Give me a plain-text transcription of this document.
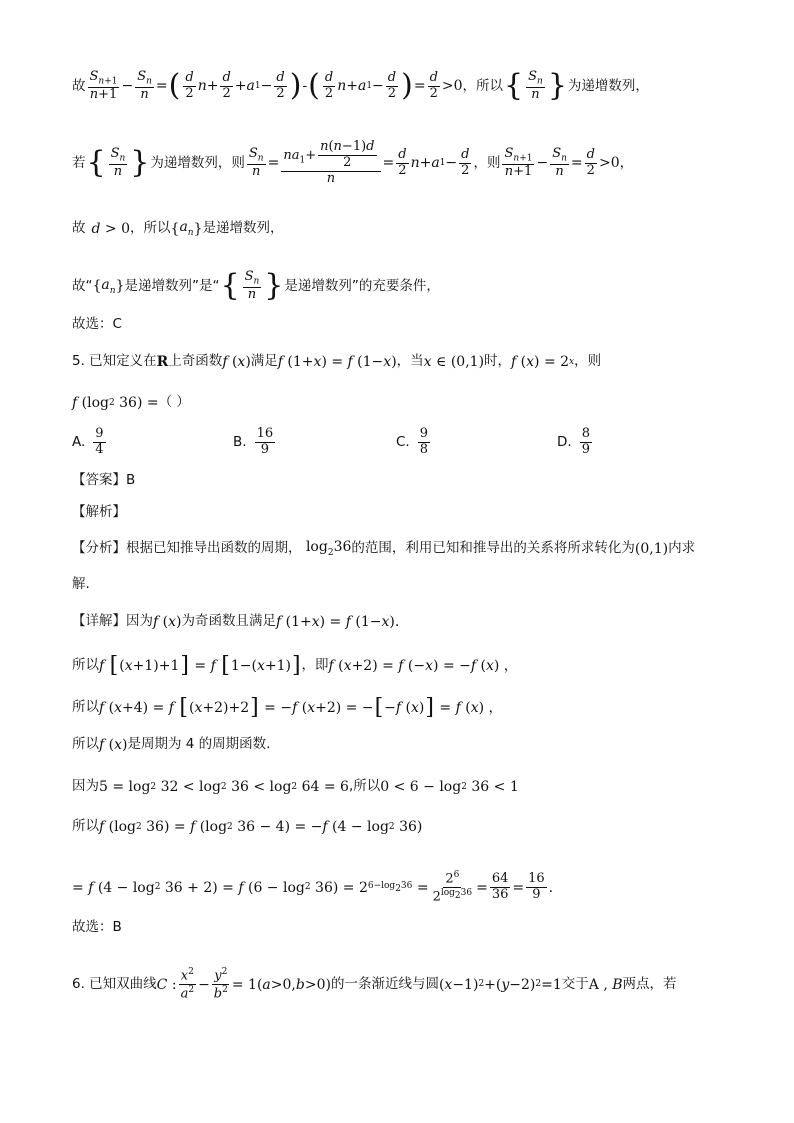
故 $\frac{S_{n+1}}{n+1} - \frac{S_n}{n}$ = ( $\frac{d}{2}$ $n + \frac{d}{2} + a$ $1 - \frac{d}{2}$ ) - ( $\frac{d}{2}$ n + a $1 - \frac{d}{2}$ ) = $\frac{d}{2} >0$ ，所以 { $\frac{S_n}{n}$ } 为递增数列，
若 { $\frac{S_n}{n}$ } 为递增数列，则 $\frac{S_n}{n} = \frac{na_1+ \frac{n(n-1)d}{2}}{n} = \frac{d}{2}$ n + a $1 - \frac{d}{2}$ ，则 $\frac{S_{n+1}}{n+1} - \frac{S_n}{n} = \frac{d}{2} >0$，
故 d > 0 ，所以 { $a_n$ } 是递增数列，
故“ { $a_n$ } 是递增数列”是“ { $\frac{S_n}{n}$ } 是递增数列”的充要条件，
故选：C
5. 已知定义在 R 上奇函数 f ( x ) 满足 f (1+ x ) = f (1− x ) ，当 x ∈ (0,1) 时， f ( x ) = 2 x ，则
f (log 2 36) = （ ）
A. $\frac{9}{4}$	B. $\frac{16}{9}$	C. $\frac{9}{8}$	D. $\frac{8}{9}$
【答案】 B
【解析】
【分析】 根据已知推导出函数的周期， $\log_236$ 的范围，利用已知和推导出的关系将所求转化为 (0,1) 内求
解.
【详解】 因为 f ( x ) 为奇函数且满足 f (1+ x ) = f (1− x ).
所以 f
[ ( x +1)+1 ] = f
[ 1−( x +1) ] ，即 f ( x +2) = f (− x ) = − f ( x ) ，
所以 f ( x +4) = f
[ ( x +2)+2 ] = − f ( x +2) = − [ − f ( x ) ] = f ( x ) ，
所以 f ( x ) 是周期为 4 的周期函数.
因为 5 = log 2 32 < log 2 36 < log 2 64 = 6 ,所以 0 < 6 − log 2 36 < 1
所以 f (log 2 36) = f (log 2 36 − 4) = − f (4 − log 2 36)
= f (4 − log 2 36 + 2) = f (6 − log 2 36) = 2 $6-\log_236 = \frac{2^6}{2^{log_236}} = \frac{64}{36} = \frac{16}{9}$ .
故选：B
6. 已知双曲线 C : $\frac{x^2}{a^2} - \frac{y^2}{b^2} = 1$( a >0, b >0) 的一条渐近线与圆 ( x −1) 2 +( y −2) 2 =1 交于 A , B 两点，若
